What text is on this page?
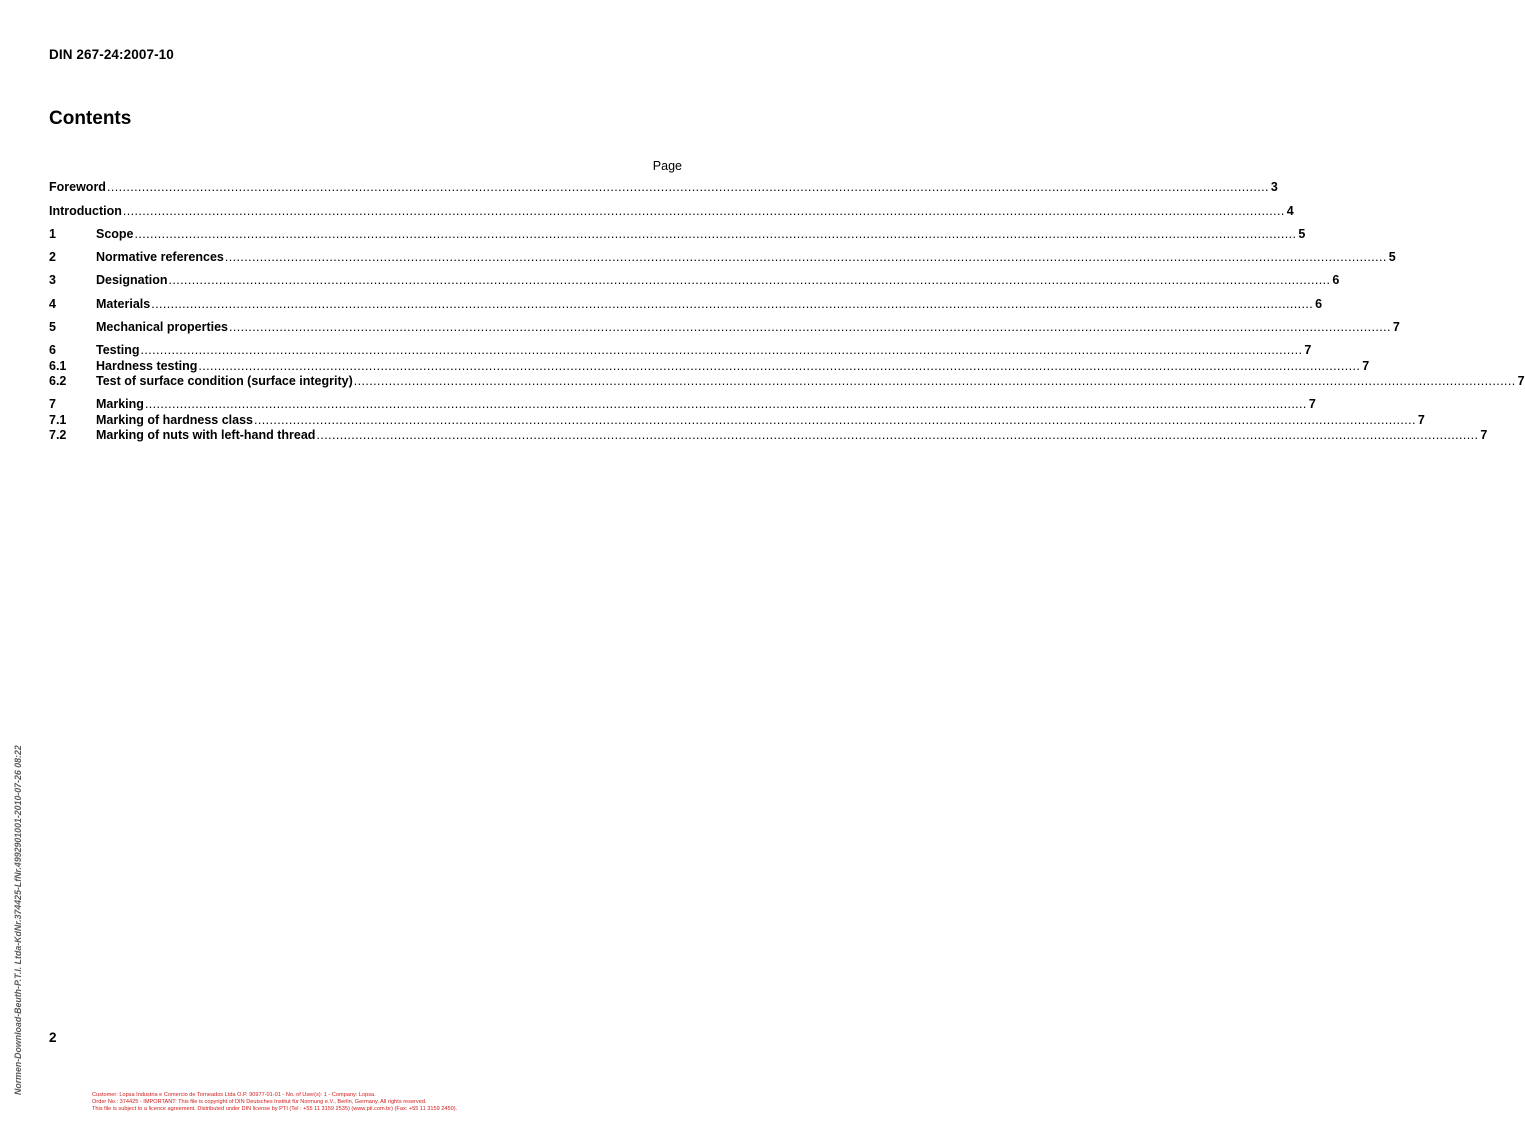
DIN 267-24:2007-10
Contents
Page
Foreword ............................................................................................................................................................................................................................................................................................................ 3
Introduction ............................................................................................................................................................................................................................................................................................................ 4
1	Scope ............................................................................................................................................................................................................................................................................................................ 5
2	Normative references ............................................................................................................................................................................................................................................................................................................ 5
3	Designation ............................................................................................................................................................................................................................................................................................................ 6
4	Materials ............................................................................................................................................................................................................................................................................................................ 6
5	Mechanical properties ............................................................................................................................................................................................................................................................................................................ 7
6	Testing ............................................................................................................................................................................................................................................................................................................ 7
6.1	Hardness testing ............................................................................................................................................................................................................................................................................................................ 7
6.2	Test of surface condition (surface integrity) ............................................................................................................................................................................................................................................................................................................ 7
7	Marking ............................................................................................................................................................................................................................................................................................................ 7
7.1	Marking of hardness class ............................................................................................................................................................................................................................................................................................................ 7
7.2	Marking of nuts with left-hand thread ............................................................................................................................................................................................................................................................................................................ 7
2
Normen-Download-Beuth-P.T.I. Ltda-KdNr.374425-LfNr.4992901001-2010-07-26 08:22	Customer: Lopsa Industria e Comercio de Torneados Ltda O.P. 90977-01-01 - No. of User(s): 1 - Company: Lopsa.
Order No.: 374425 - IMPORTANT: This file is copyright of DIN Deutsches Institut für Normung e.V., Berlin, Germany. All rights reserved.
This file is subject to a licence agreement. Distributed under DIN license by PTI (Tel : +55 11 3159 2535) (www.pti.com.br) (Fax: +55 11 3159 2450).
